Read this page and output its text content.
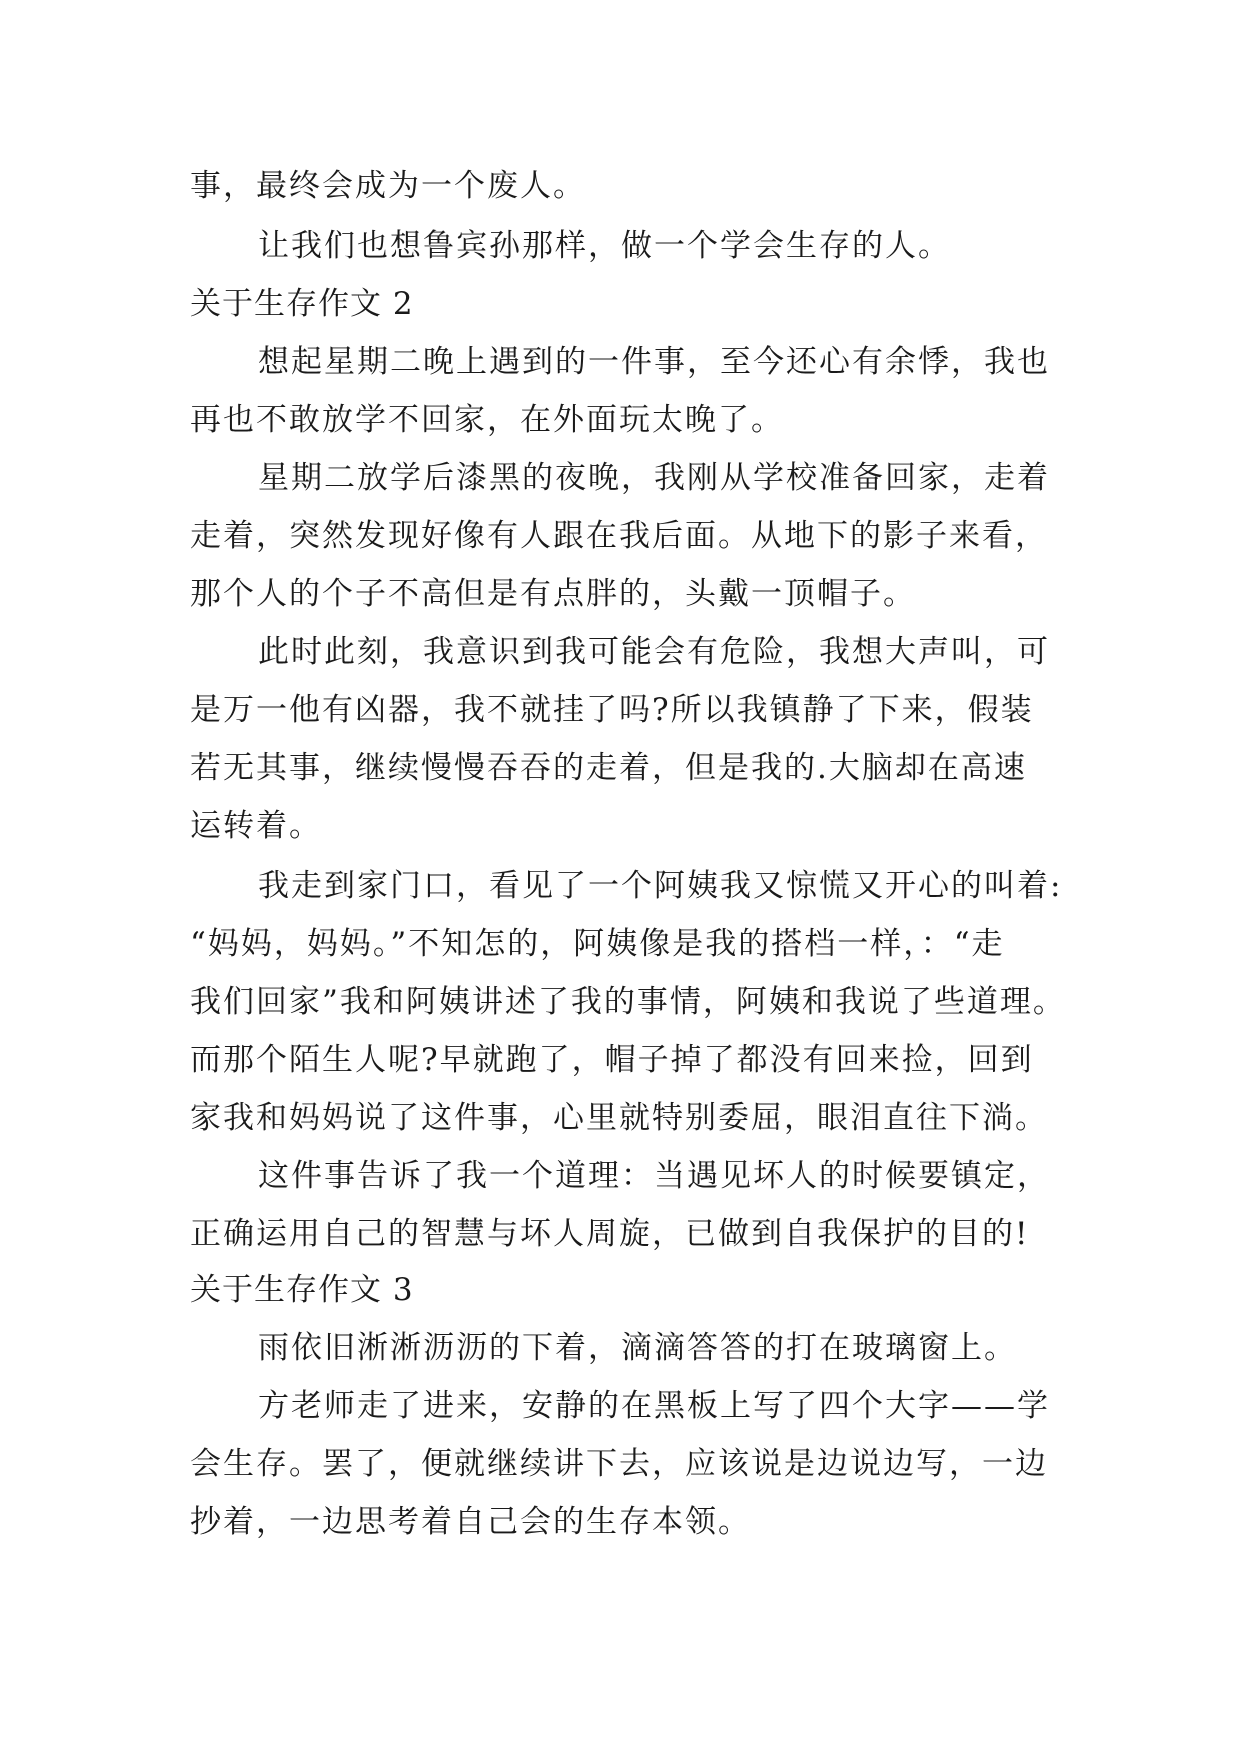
事，最终会成为一个废人。

让我们也想鲁宾孙那样，做一个学会生存的人。

关于生存作文 2

想起星期二晚上遇到的一件事，至今还心有余悸，我也

再也不敢放学不回家，在外面玩太晚了。

星期二放学后漆黑的夜晚，我刚从学校准备回家，走着

走着，突然发现好像有人跟在我后面。从地下的影子来看，

那个人的个子不高但是有点胖的，头戴一顶帽子。

此时此刻，我意识到我可能会有危险，我想大声叫，可

是万一他有凶器，我不就挂了吗?所以我镇静了下来，假装

若无其事，继续慢慢吞吞的走着，但是我的.大脑却在高速

运转着。

我走到家门口，看见了一个阿姨我又惊慌又开心的叫着:

“妈妈，妈妈。”不知怎的，阿姨像是我的搭档一样，：“走

我们回家”我和阿姨讲述了我的事情，阿姨和我说了些道理。

而那个陌生人呢?早就跑了，帽子掉了都没有回来捡，回到

家我和妈妈说了这件事，心里就特别委屈，眼泪直往下淌。

这件事告诉了我一个道理：当遇见坏人的时候要镇定，

正确运用自己的智慧与坏人周旋，已做到自我保护的目的!

关于生存作文 3

雨依旧淅淅沥沥的下着，滴滴答答的打在玻璃窗上。

方老师走了进来，安静的在黑板上写了四个大字——学

会生存。罢了，便就继续讲下去，应该说是边说边写，一边

抄着，一边思考着自己会的生存本领。
